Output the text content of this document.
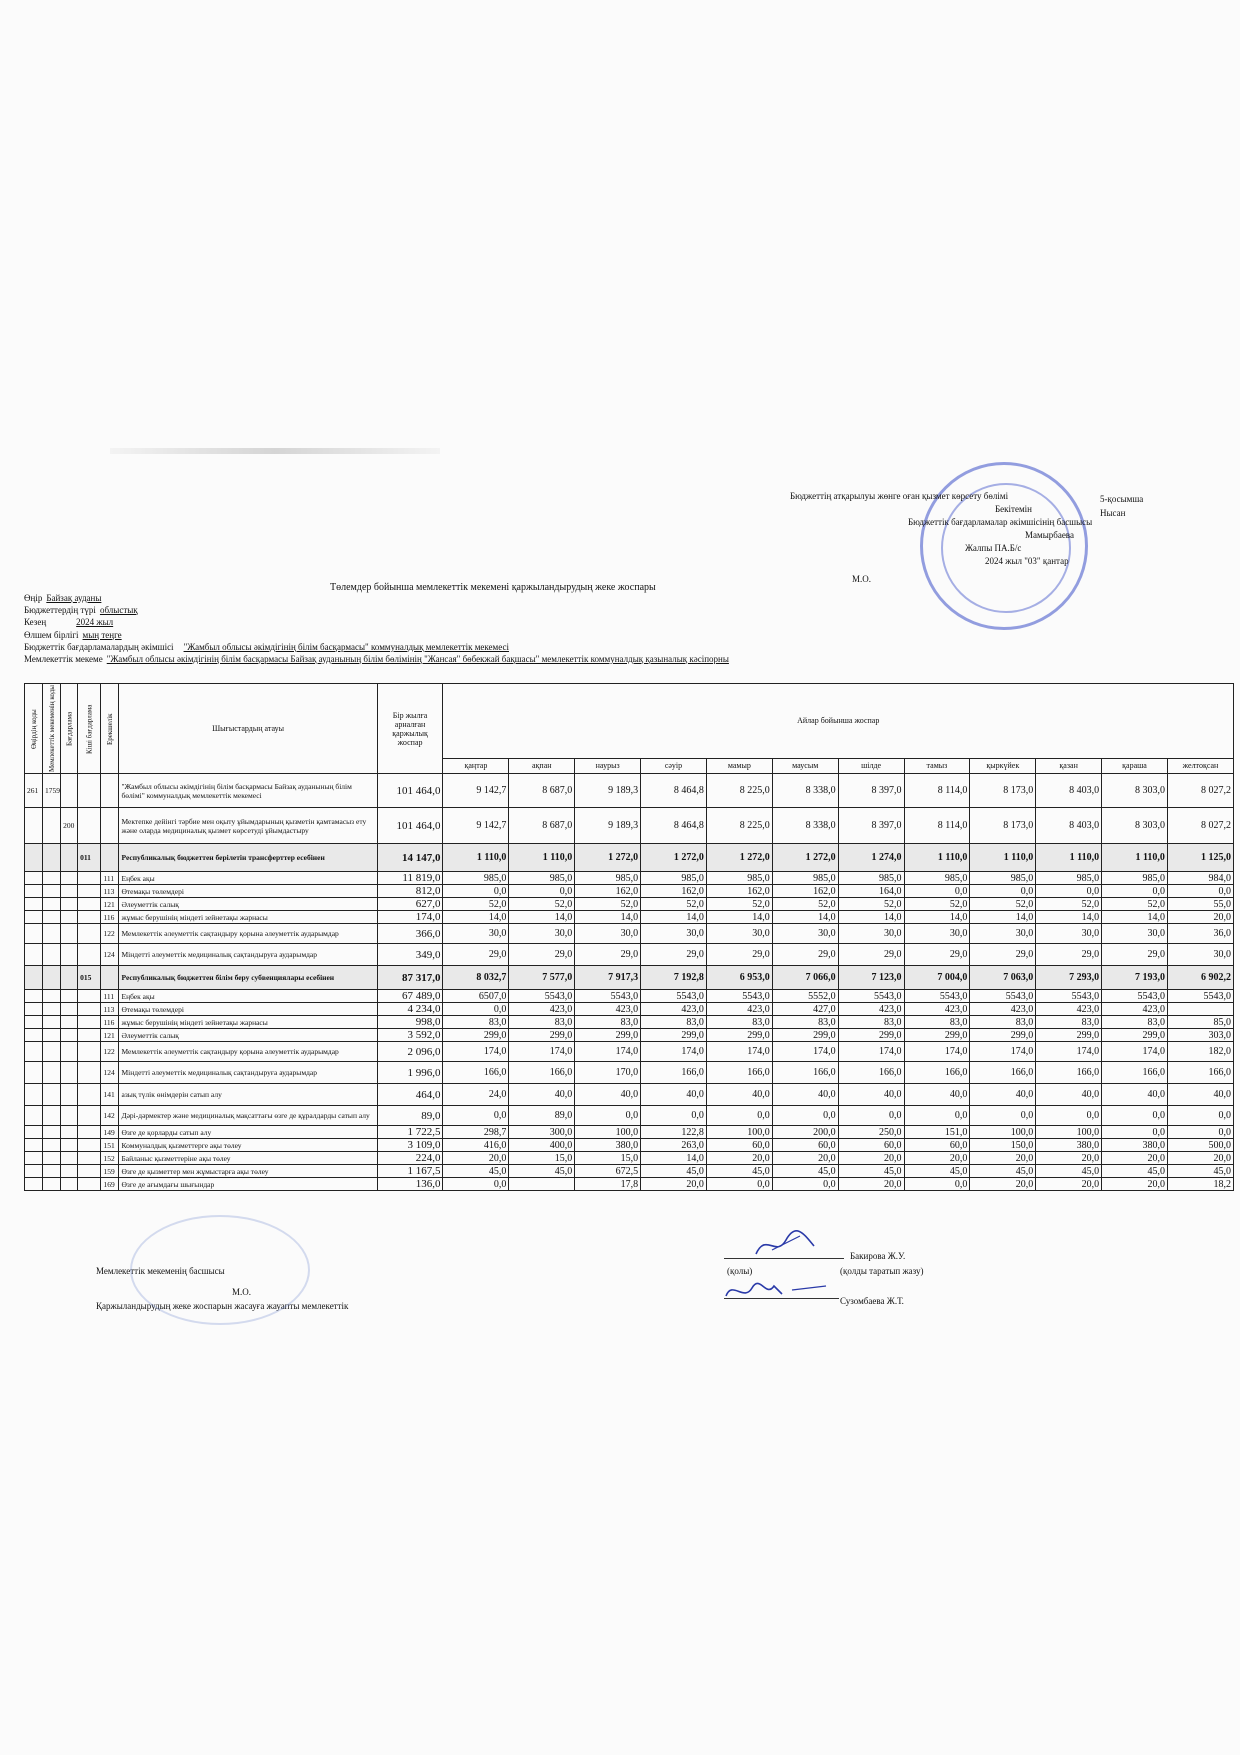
Бюджеттің атқарылуы жөнге оған қызмет көрсету бөлімі
Бекітемін
Бюджеттік бағдарламалар әкімшісінің басшысы
Мамырбаева
Жалпы ПА.Б/с
2024 жыл "03" қантар
5-қосымша
Нысан
М.О.
Төлемдер бойынша мемлекеттік мекемені қаржыландырудың жеке жоспары
Өңір Байзақ ауданы
Бюджеттердің түрі облыстық
Кезең	2024 жыл
Өлшем бірлігі мың теңге
Бюджеттік бағдарламалардың әкімшісі "Жамбыл облысы әкімдігінің білім басқармасы" коммуналдық мемлекеттік мекемесі
Мемлекеттік мекеме "Жамбыл облысы әкімдігінің білім басқармасы Байзақ ауданының білім бөлімінің "Жансая" бөбекжай бақшасы" мемлекеттік коммуналдық қазыналық кәсіпорны
Өңірдің коды	Мемлекеттік мекеменің коды	Бағдарлама	Кіші бағдарлама	Ерекшелік	Шығыстардың атауы	Бір жылға арналған қаржылық жоспар	Айлар бойынша жоспар											
							қаңтар	ақпан	наурыз	сәуір	мамыр	маусым	шілде	тамыз	қыркүйек	қазан	қараша	желтоқсан
261	1759				"Жамбыл облысы әкімдігінің білім басқармасы Байзақ ауданының білім бөлімі" коммуналдық мемлекеттік мекемесі	101 464,0	9 142,7	8 687,0	9 189,3	8 464,8	8 225,0	8 338,0	8 397,0	8 114,0	8 173,0	8 403,0	8 303,0	8 027,2
		200			Мектепке дейінгі тәрбие мен оқыту ұйымдарының қызметін қамтамасыз ету және оларда медициналық қызмет көрсетуді ұйымдастыру	101 464,0	9 142,7	8 687,0	9 189,3	8 464,8	8 225,0	8 338,0	8 397,0	8 114,0	8 173,0	8 403,0	8 303,0	8 027,2
			011		Республикалық бюджеттен берілетін трансферттер есебінен	14 147,0	1 110,0	1 110,0	1 272,0	1 272,0	1 272,0	1 272,0	1 274,0	1 110,0	1 110,0	1 110,0	1 110,0	1 125,0
				111	Еңбек ақы	11 819,0	985,0	985,0	985,0	985,0	985,0	985,0	985,0	985,0	985,0	985,0	985,0	984,0
				113	Өтемақы төлемдері	812,0	0,0	0,0	162,0	162,0	162,0	162,0	164,0	0,0	0,0	0,0	0,0	0,0
				121	Әлеуметтік салық	627,0	52,0	52,0	52,0	52,0	52,0	52,0	52,0	52,0	52,0	52,0	52,0	55,0
				116	жұмыс берушінің міндеті зейнетақы жарнасы	174,0	14,0	14,0	14,0	14,0	14,0	14,0	14,0	14,0	14,0	14,0	14,0	20,0
				122	Мемлекеттік әлеуметтік сақтандыру қорына әлеуметтік аударымдар	366,0	30,0	30,0	30,0	30,0	30,0	30,0	30,0	30,0	30,0	30,0	30,0	36,0
				124	Міндетті әлеуметтік медициналық сақтандыруға аударымдар	349,0	29,0	29,0	29,0	29,0	29,0	29,0	29,0	29,0	29,0	29,0	29,0	30,0
			015		Республикалық бюджеттен білім беру субвенциялары есебінен	87 317,0	8 032,7	7 577,0	7 917,3	7 192,8	6 953,0	7 066,0	7 123,0	7 004,0	7 063,0	7 293,0	7 193,0	6 902,2
				111	Еңбек ақы	67 489,0	6507,0	5543,0	5543,0	5543,0	5543,0	5552,0	5543,0	5543,0	5543,0	5543,0	5543,0	5543,0
				113	Өтемақы төлемдері	4 234,0	0,0	423,0	423,0	423,0	423,0	427,0	423,0	423,0	423,0	423,0	423,0	
				116	жұмыс берушінің міндеті зейнетақы жарнасы	998,0	83,0	83,0	83,0	83,0	83,0	83,0	83,0	83,0	83,0	83,0	83,0	85,0
				121	Әлеуметтік салық	3 592,0	299,0	299,0	299,0	299,0	299,0	299,0	299,0	299,0	299,0	299,0	299,0	303,0
				122	Мемлекеттік әлеуметтік сақтандыру қорына әлеуметтік аударымдар	2 096,0	174,0	174,0	174,0	174,0	174,0	174,0	174,0	174,0	174,0	174,0	174,0	182,0
				124	Міндетті әлеуметтік медициналық сақтандыруға аударымдар	1 996,0	166,0	166,0	170,0	166,0	166,0	166,0	166,0	166,0	166,0	166,0	166,0	166,0
				141	азық түлік өнімдерін сатып алу	464,0	24,0	40,0	40,0	40,0	40,0	40,0	40,0	40,0	40,0	40,0	40,0	40,0
				142	Дәрі-дәрмектер және медициналық мақсаттағы өзге де құралдарды сатып алу	89,0	0,0	89,0	0,0	0,0	0,0	0,0	0,0	0,0	0,0	0,0	0,0	0,0
				149	Өзге де қорларды сатып алу	1 722,5	298,7	300,0	100,0	122,8	100,0	200,0	250,0	151,0	100,0	100,0	0,0	0,0
				151	Коммуналдық қызметтерге ақы төлеу	3 109,0	416,0	400,0	380,0	263,0	60,0	60,0	60,0	60,0	150,0	380,0	380,0	500,0
				152	Байланыс қызметтеріне ақы төлеу	224,0	20,0	15,0	15,0	14,0	20,0	20,0	20,0	20,0	20,0	20,0	20,0	20,0
				159	Өзге де қызметтер мен жұмыстарға ақы төлеу	1 167,5	45,0	45,0	672,5	45,0	45,0	45,0	45,0	45,0	45,0	45,0	45,0	45,0
				169	Өзге де ағымдағы шығындар	136,0	0,0		17,8	20,0	0,0	0,0	20,0	0,0	20,0	20,0	20,0	18,2
Мемлекеттік мекеменің басшысы
М.О.
Қаржыландырудың жеке жоспарын жасауға жауапты мемлекеттік
Бакирова Ж.У.
(қолы)	(қолды таратып жазу)
Сузомбаева Ж.Т.
